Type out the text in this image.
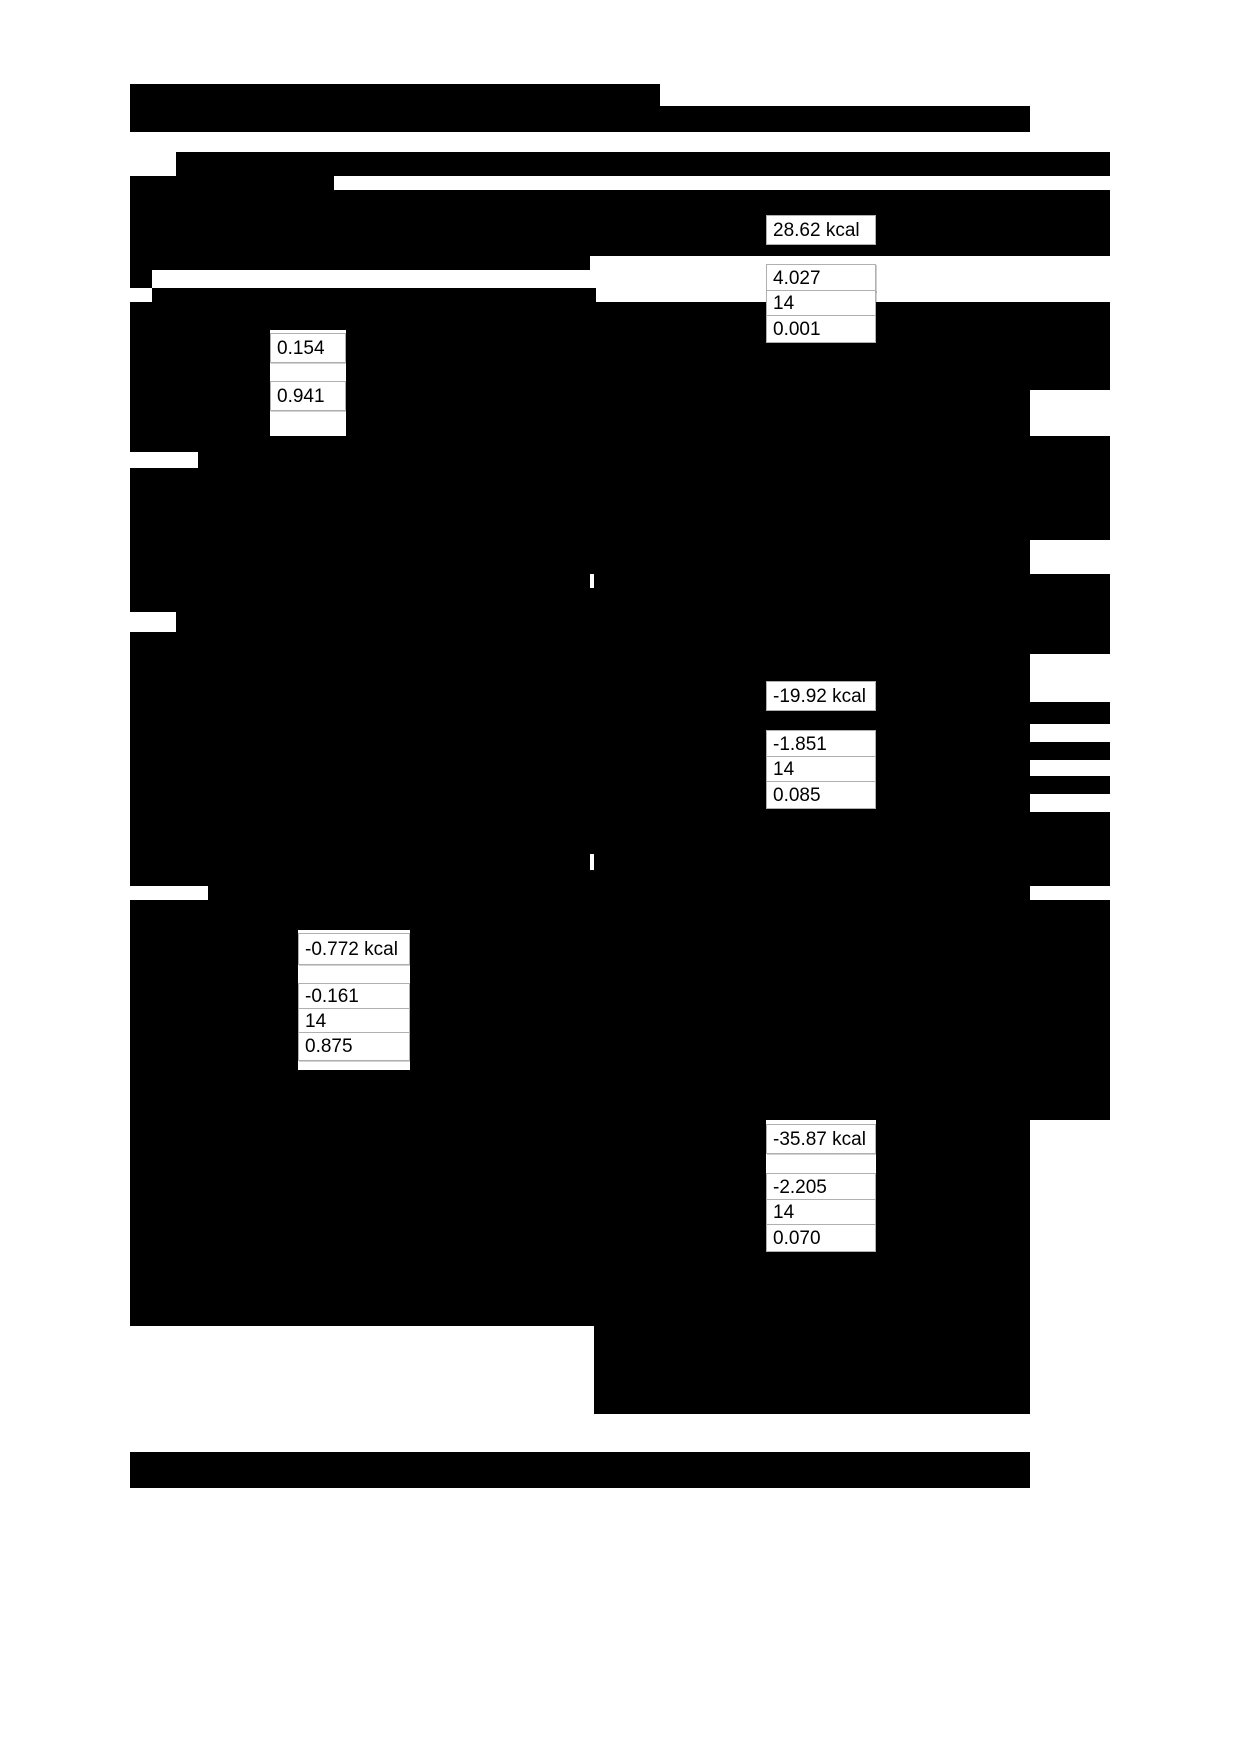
28.62 kcal
4.027
14
0.001
0.154
0.941
-19.92 kcal
-1.851
14
0.085
-0.772 kcal
-0.161
14
0.875
-35.87 kcal
-2.205
14
0.070
